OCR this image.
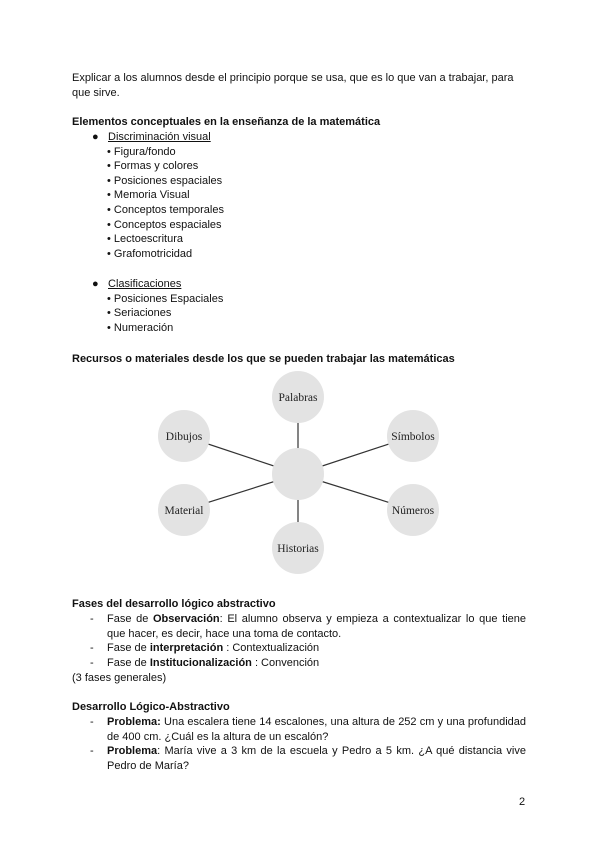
Explicar a los alumnos desde el principio porque se usa, que es lo que van a trabajar, para que sirve.
Elementos conceptuales en la enseñanza de la matemática
● Discriminación visual
• Figura/fondo
• Formas y colores
• Posiciones espaciales
• Memoria Visual
• Conceptos temporales
• Conceptos espaciales
• Lectoescritura
• Grafomotricidad
● Clasificaciones
• Posiciones Espaciales
• Seriaciones
• Numeración
Recursos o materiales desde los que se pueden trabajar las matemáticas
Palabras
Símbolos
Números
Historias
Material
Dibujos
Fases del desarrollo lógico abstractivo
-	Fase de Observación: El alumno observa y empieza a contextualizar lo que tiene que hacer, es decir, hace una toma de contacto.
-	Fase de interpretación : Contextualización
-	Fase de Institucionalización : Convención
(3 fases generales)
Desarrollo Lógico-Abstractivo
-	Problema: Una escalera tiene 14 escalones, una altura de 252 cm y una profundidad de 400 cm. ¿Cuál es la altura de un escalón?
-	Problema: María vive a 3 km de la escuela y Pedro a 5 km. ¿A qué distancia vive Pedro de María?
2
